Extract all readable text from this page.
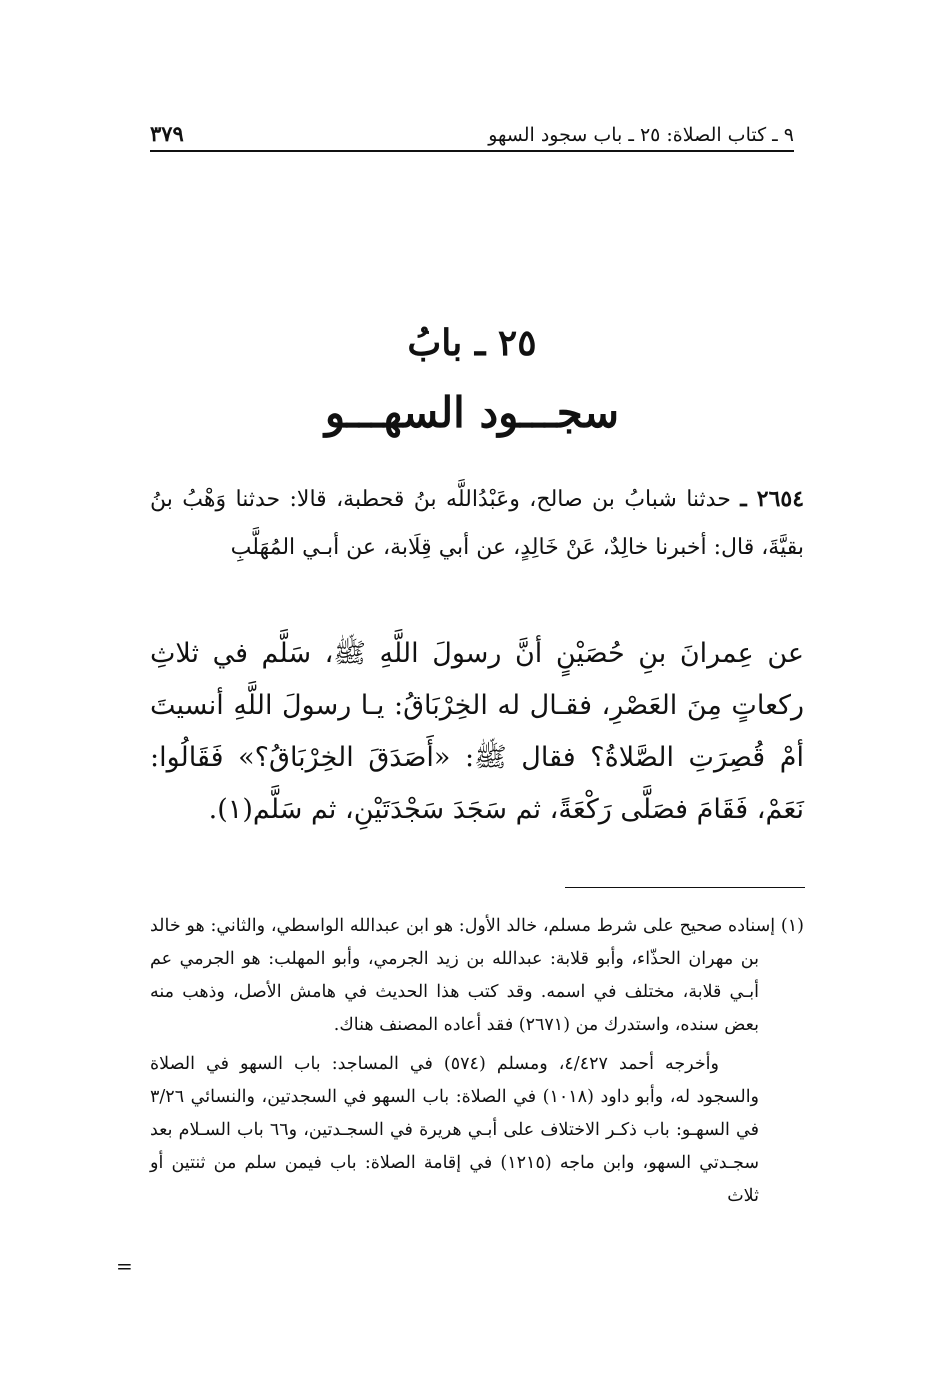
٩ ـ كتاب الصلاة: ٢٥ ـ باب سجود السهو
٣٧٩
٢٥ ـ بابُ
سجـــود السهـــو
٢٦٥٤ ـ حدثنا شبابُ بن صالح، وعَبْدُاللَّه بنُ قحطبة، قالا: حدثنا وَهْبُ بنُ بقيَّةَ، قال: أخبرنا خالِدٌ، عَنْ خَالِدٍ، عن أبي قِلَابة، عن أبـي المُهَلَّبِ
عن عِمرانَ بنِ حُصَيْنٍ أنَّ رسولَ اللَّهِ ﷺ، سَلَّم في ثلاثِ ركعاتٍ مِنَ العَصْرِ، فقـال له الخِرْبَاقُ: يـا رسولَ اللَّهِ أنسيتَ أمْ قُصِرَتِ الصَّلاةُ؟ فقال ﷺ: «أَصَدَقَ الخِرْبَاقُ؟» فَقَالُوا: نَعَمْ، فَقَامَ فصَلَّى رَكْعَةً، ثم سَجَدَ سَجْدَتَيْنِ، ثم سَلَّم(١).

(١) إسناده صحيح على شرط مسلم، خالد الأول: هو ابن عبدالله الواسطي، والثاني: هو خالد بن مهران الحذّاء، وأبو قلابة: عبدالله بن زيد الجرمي، وأبو المهلب: هو الجرمي عم أبـي قلابة، مختلف في اسمه. وقد كتب هذا الحديث في هامش الأصل، وذهب منه بعض سنده، واستدرك من (٢٦٧١) فقد أعاده المصنف هناك.

وأخرجه أحمد ٤/٤٢٧، ومسلم (٥٧٤) في المساجد: باب السهو في الصلاة والسجود له، وأبو داود (١٠١٨) في الصلاة: باب السهو في السجدتين، والنسائي ٣/٢٦ في السهـو: باب ذكـر الاختلاف على أبـي هريرة في السجـدتين، و٦٦ باب السـلام بعد سجـدتي السهو، وابن ماجه (١٢١٥) في إقامة الصلاة: باب فيمن سلم من ثنتين أو ثلاث

=
